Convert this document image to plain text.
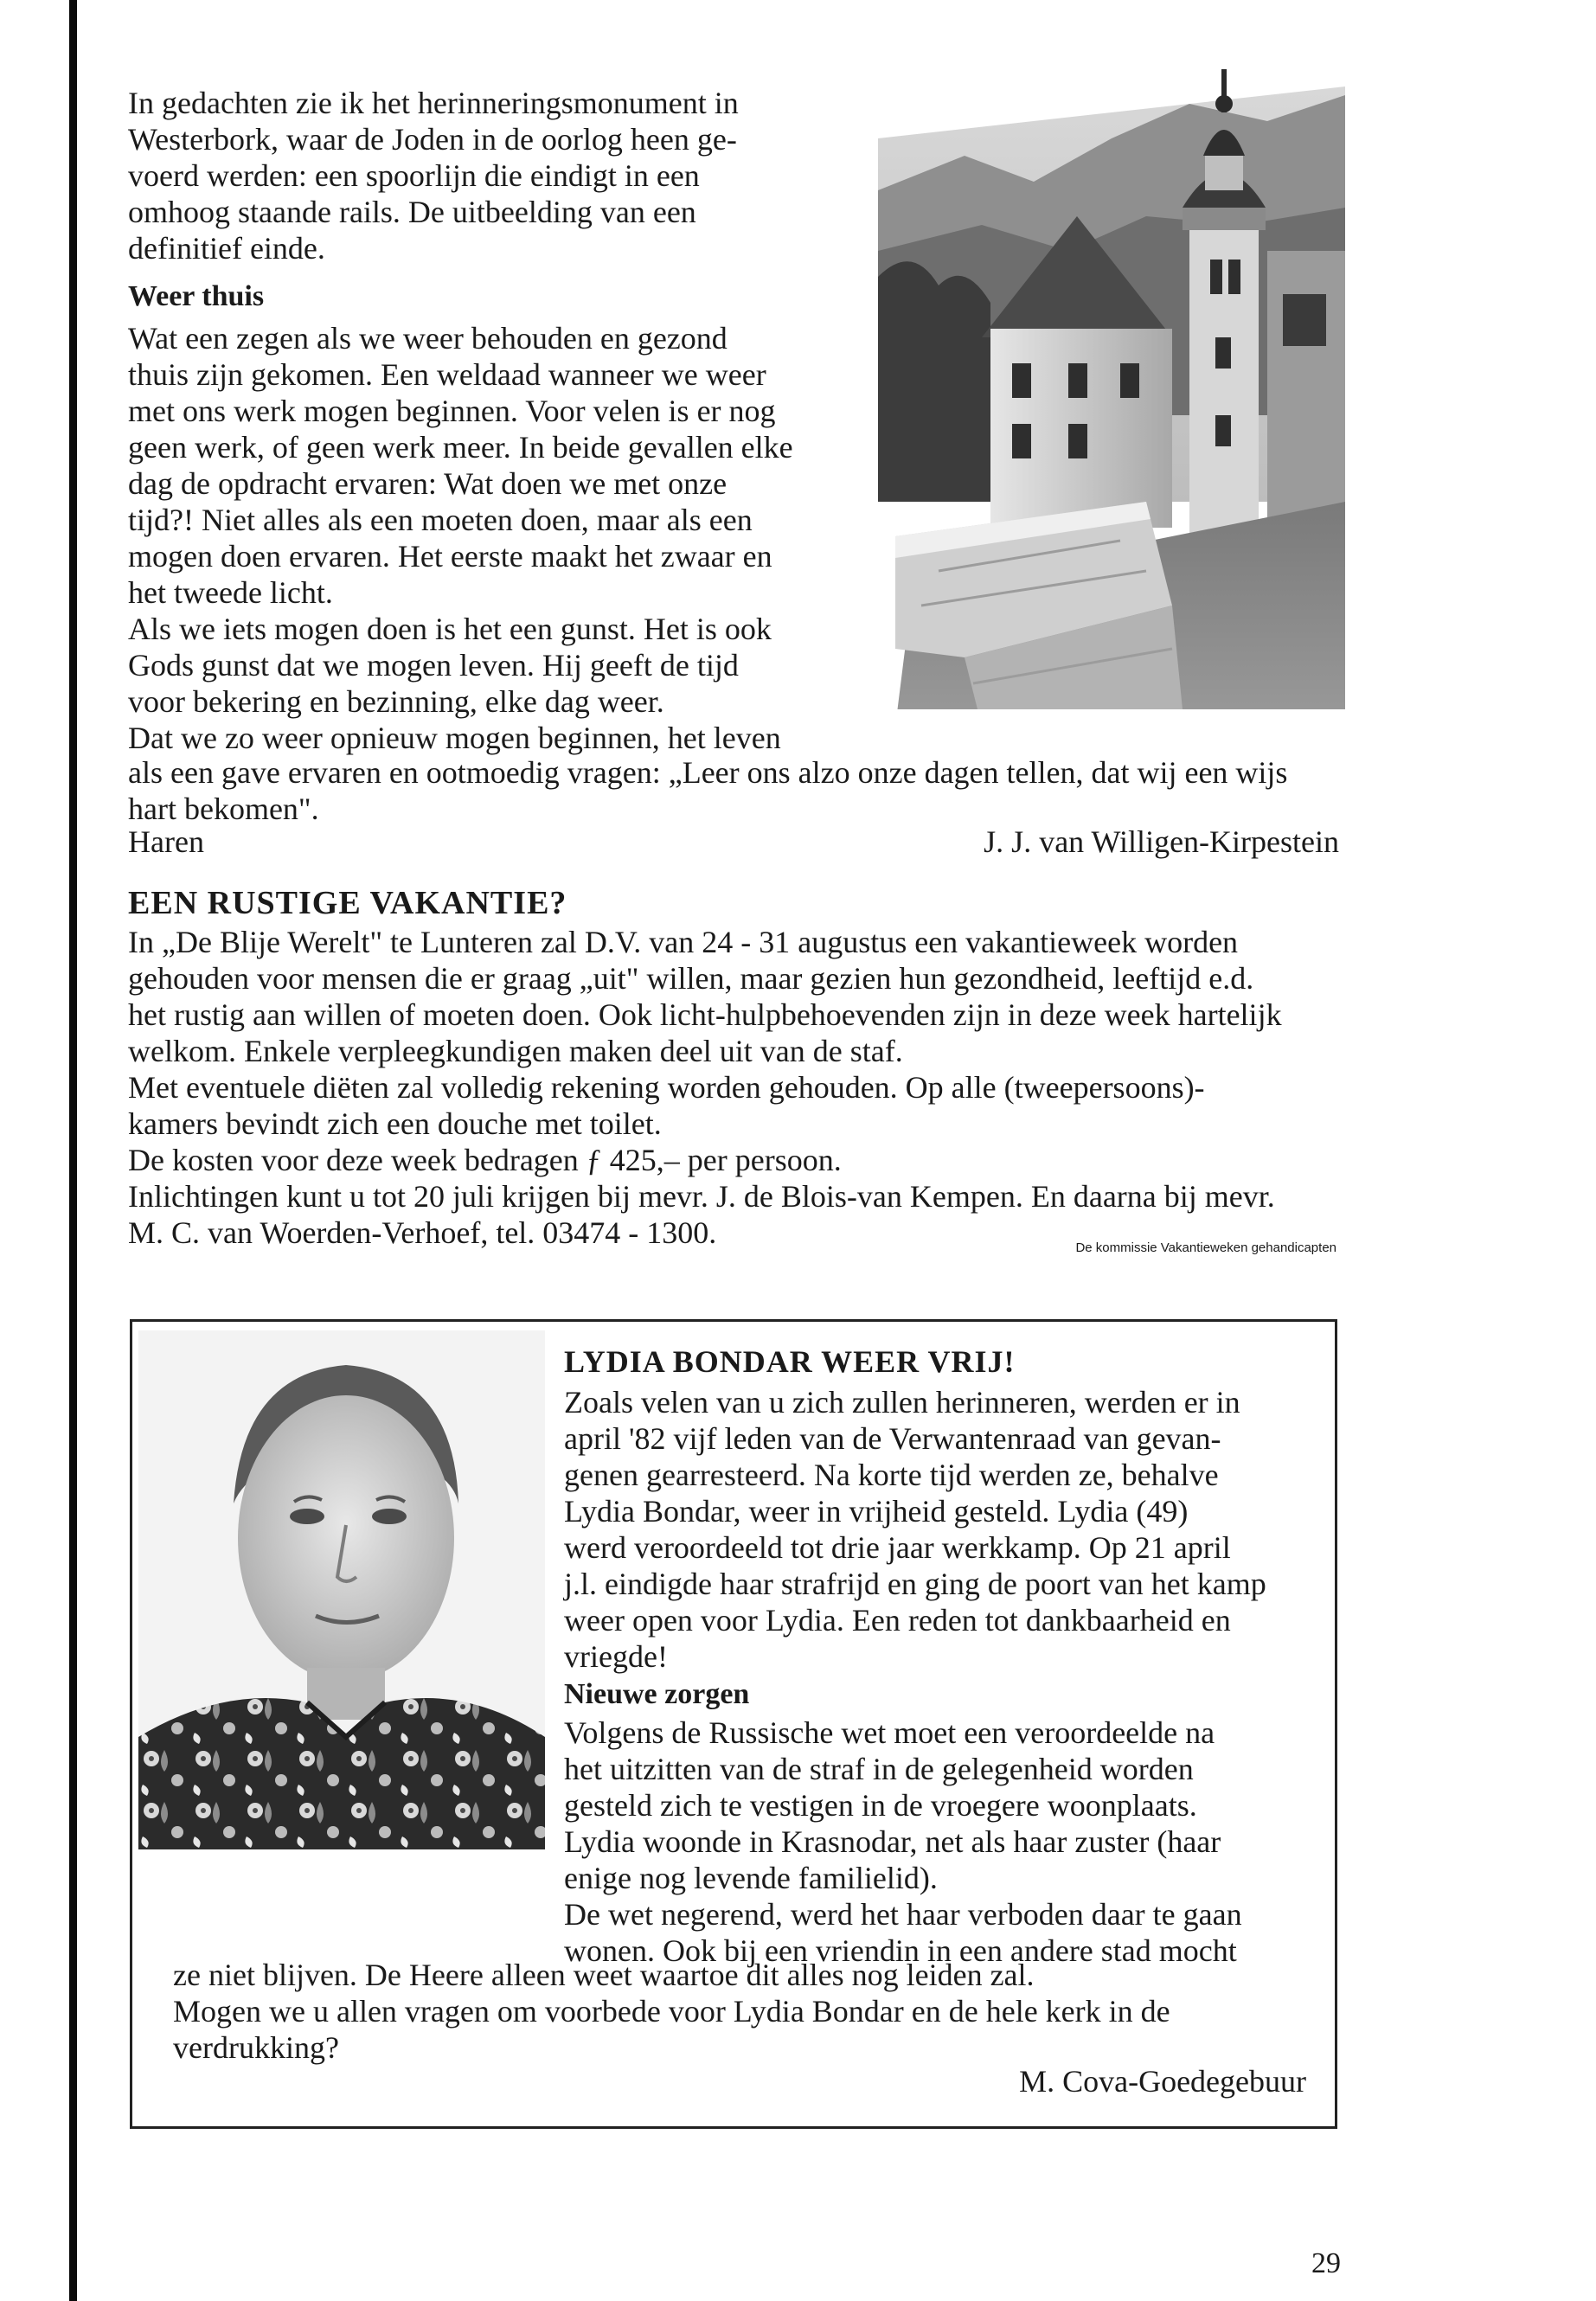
In gedachten zie ik het herinneringsmonument in

Westerbork, waar de Joden in de oorlog heen ge-

voerd werden: een spoorlijn die eindigt in een

omhoog staande rails. De uitbeelding van een

definitief einde.

Weer thuis

Wat een zegen als we weer behouden en gezond

thuis zijn gekomen. Een weldaad wanneer we weer

met ons werk mogen beginnen. Voor velen is er nog

geen werk, of geen werk meer. In beide gevallen elke

dag de opdracht ervaren: Wat doen we met onze

tijd?! Niet alles als een moeten doen, maar als een

mogen doen ervaren. Het eerste maakt het zwaar en

het tweede licht.

Als we iets mogen doen is het een gunst. Het is ook

Gods gunst dat we mogen leven. Hij geeft de tijd

voor bekering en bezinning, elke dag weer.

Dat we zo weer opnieuw mogen beginnen, het leven

als een gave ervaren en ootmoedig vragen: „Leer ons alzo onze dagen tellen, dat wij een wijs

hart bekomen".

Haren	J. J. van Willigen-Kirpestein
EEN RUSTIGE VAKANTIE?

In „De Blije Werelt" te Lunteren zal D.V. van 24 - 31 augustus een vakantieweek worden

gehouden voor mensen die er graag „uit" willen, maar gezien hun gezondheid, leeftijd e.d.

het rustig aan willen of moeten doen. Ook licht-hulpbehoevenden zijn in deze week hartelijk

welkom. Enkele verpleegkundigen maken deel uit van de staf.

Met eventuele diëten zal volledig rekening worden gehouden. Op alle (tweepersoons)-

kamers bevindt zich een douche met toilet.

De kosten voor deze week bedragen ƒ 425,– per persoon.

Inlichtingen kunt u tot 20 juli krijgen bij mevr. J. de Blois-van Kempen. En daarna bij mevr.

M. C. van Woerden-Verhoef, tel. 03474 - 1300.	De kommissie Vakantieweken gehandicapten
LYDIA BONDAR WEER VRIJ!

Zoals velen van u zich zullen herinneren, werden er in

april '82 vijf leden van de Verwantenraad van gevan-

genen gearresteerd. Na korte tijd werden ze, behalve

Lydia Bondar, weer in vrijheid gesteld. Lydia (49)

werd veroordeeld tot drie jaar werkkamp. Op 21 april

j.l. eindigde haar strafrijd en ging de poort van het kamp

weer open voor Lydia. Een reden tot dankbaarheid en

vriegde!

Nieuwe zorgen

Volgens de Russische wet moet een veroordeelde na

het uitzitten van de straf in de gelegenheid worden

gesteld zich te vestigen in de vroegere woonplaats.

Lydia woonde in Krasnodar, net als haar zuster (haar

enige nog levende familielid).

De wet negerend, werd het haar verboden daar te gaan

wonen. Ook bij een vriendin in een andere stad mocht

ze niet blijven. De Heere alleen weet waartoe dit alles nog leiden zal.

Mogen we u allen vragen om voorbede voor Lydia Bondar en de hele kerk in de

verdrukking?

M. Cova-Goedegebuur
29
